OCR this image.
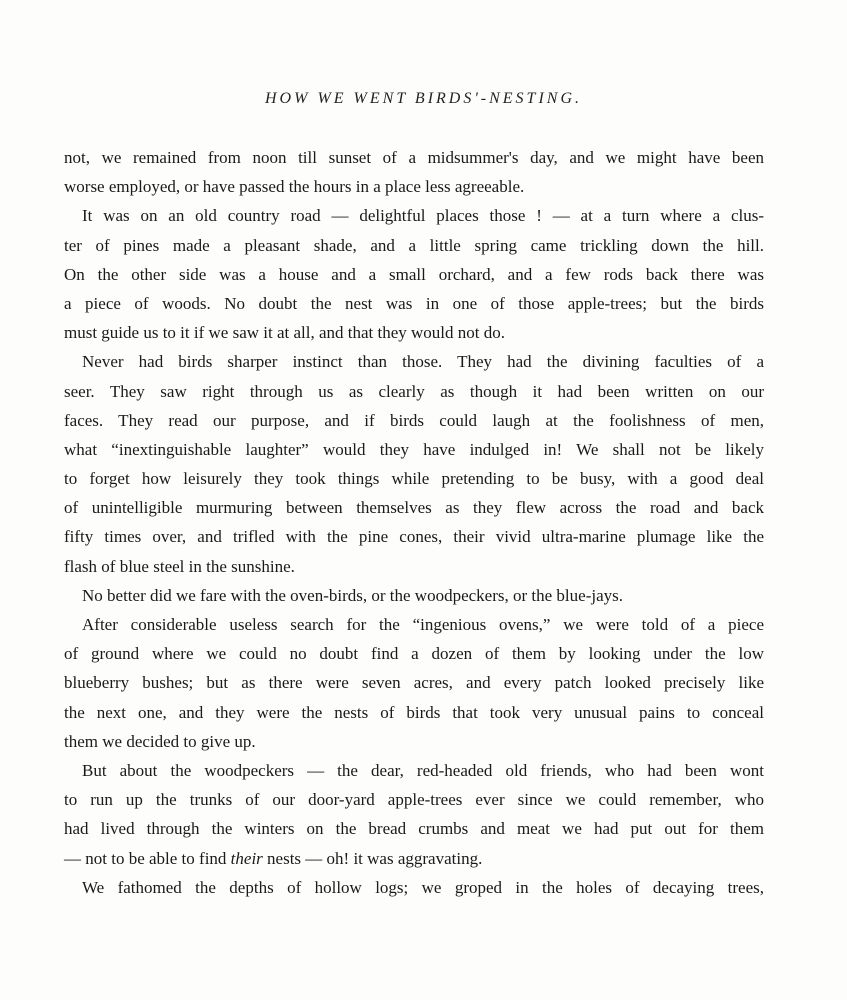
HOW WE WENT BIRDS'-NESTING.
not, we remained from noon till sunset of a midsummer's day, and we might have been
worse employed, or have passed the hours in a place less agreeable.
It was on an old country road — delightful places those ! — at a turn where a clus-
ter of pines made a pleasant shade, and a little spring came trickling down the hill.
On the other side was a house and a small orchard, and a few rods back there was
a piece of woods. No doubt the nest was in one of those apple-trees; but the birds
must guide us to it if we saw it at all, and that they would not do.
Never had birds sharper instinct than those. They had the divining faculties of a
seer. They saw right through us as clearly as though it had been written on our
faces. They read our purpose, and if birds could laugh at the foolishness of men,
what “inextinguishable laughter” would they have indulged in! We shall not be likely
to forget how leisurely they took things while pretending to be busy, with a good deal
of unintelligible murmuring between themselves as they flew across the road and back
fifty times over, and trifled with the pine cones, their vivid ultra-marine plumage like the
flash of blue steel in the sunshine.
No better did we fare with the oven-birds, or the woodpeckers, or the blue-jays.
After considerable useless search for the “ingenious ovens,” we were told of a piece
of ground where we could no doubt find a dozen of them by looking under the low
blueberry bushes; but as there were seven acres, and every patch looked precisely like
the next one, and they were the nests of birds that took very unusual pains to conceal
them we decided to give up.
But about the woodpeckers — the dear, red-headed old friends, who had been wont
to run up the trunks of our door-yard apple-trees ever since we could remember, who
had lived through the winters on the bread crumbs and meat we had put out for them
— not to be able to find their nests — oh! it was aggravating.
We fathomed the depths of hollow logs; we groped in the holes of decaying trees,
